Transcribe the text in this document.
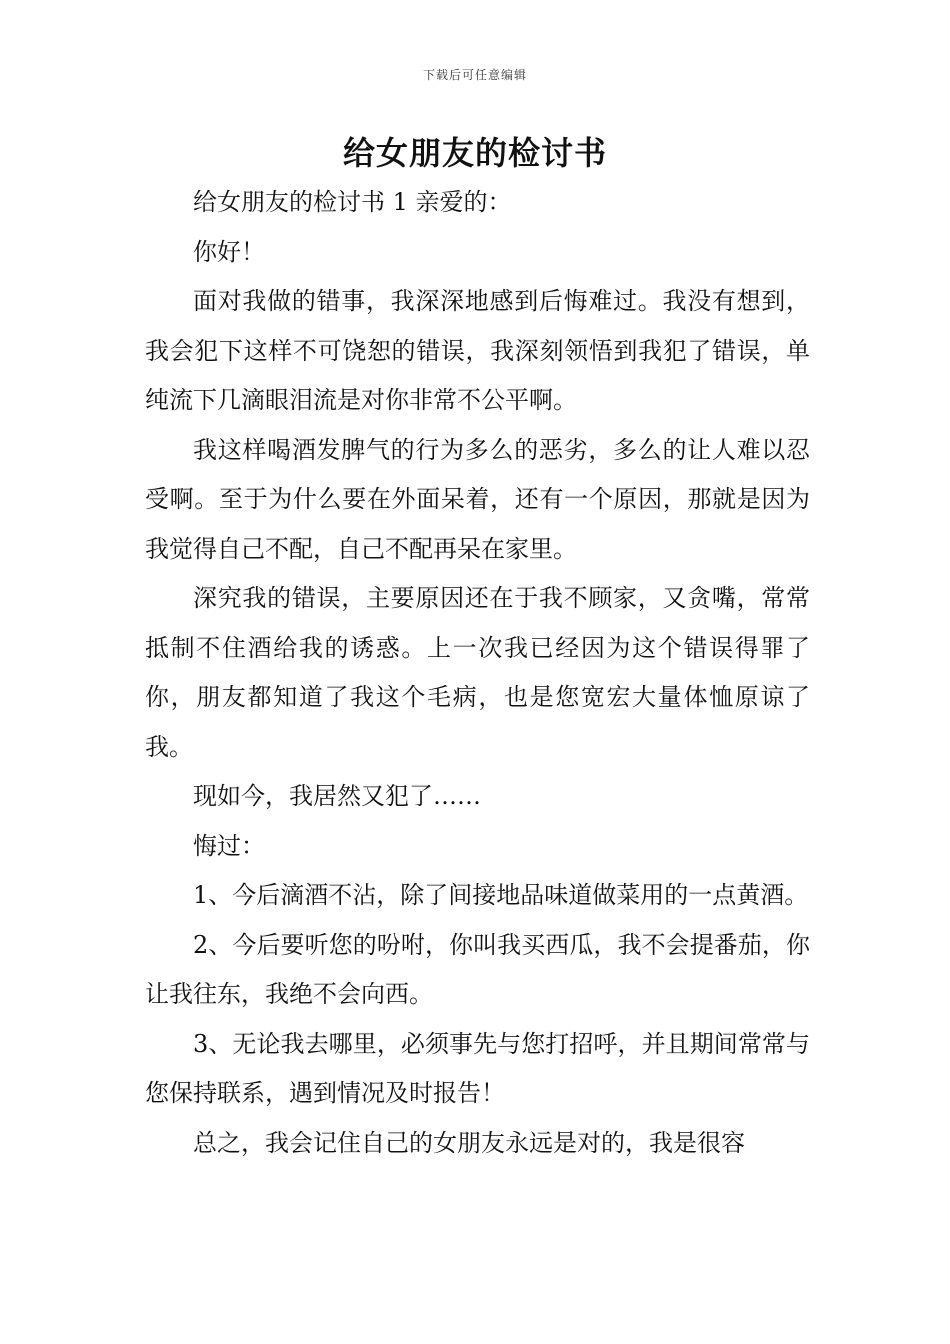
下载后可任意编辑
给女朋友的检讨书

给女朋友的检讨书 1 亲爱的：

你好！

面对我做的错事，我深深地感到后悔难过。我没有想到，我会犯下这样不可饶恕的错误，我深刻领悟到我犯了错误，单纯流下几滴眼泪流是对你非常不公平啊。

我这样喝酒发脾气的行为多么的恶劣，多么的让人难以忍受啊。至于为什么要在外面呆着，还有一个原因，那就是因为我觉得自己不配，自己不配再呆在家里。

深究我的错误，主要原因还在于我不顾家，又贪嘴，常常抵制不住酒给我的诱惑。上一次我已经因为这个错误得罪了你，朋友都知道了我这个毛病，也是您宽宏大量体恤原谅了我。

现如今，我居然又犯了……

悔过：

1、今后滴酒不沾，除了间接地品味道做菜用的一点黄酒。

2、今后要听您的吩咐，你叫我买西瓜，我不会提番茄，你让我往东，我绝不会向西。

3、无论我去哪里，必须事先与您打招呼，并且期间常常与您保持联系，遇到情况及时报告！

总之，我会记住自己的女朋友永远是对的，我是很容
